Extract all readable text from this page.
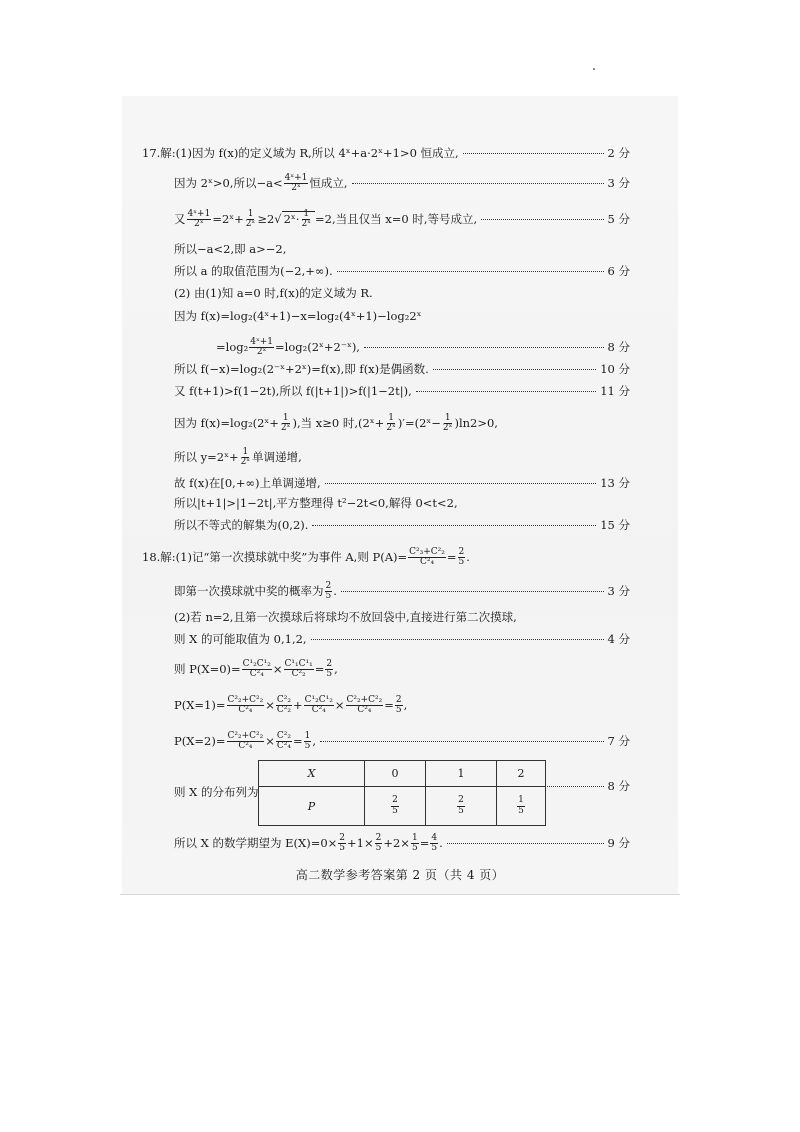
17.解:(1)因为 f(x)的定义域为 R,所以 4ˣ+a·2ˣ+1>0 恒成立,	2 分
因为 2ˣ>0,所以$-a< \frac{\text{4ˣ+1}}{\text{2ˣ}}$ 恒成立,	3 分
又 $\frac{\text{4ˣ+1}}{\text{2ˣ}}$ =2ˣ+ $\frac{1}{\text{2ˣ}} \ge 2√$ 2ˣ· $\frac{1}{\text{2ˣ}} =2$,当且仅当 x=0 时,等号成立,	5 分
所以−a<2,即 a>−2,
所以 a 的取值范围为(−2,+∞).	6 分
(2) 由(1)知 a=0 时,f(x)的定义域为 R.
因为 f(x)=log₂(4ˣ+1)−x=log₂(4ˣ+1)−log₂2ˣ
$=\log_2 \frac{\text{4ˣ+1}}{\text{2ˣ}}$ =log₂(2ˣ+2⁻ˣ),	8 分
所以 f(−x)=log₂(2⁻ˣ+2ˣ)=f(x),即 f(x)是偶函数.	10 分
又 f(t+1)>f(1−2t),所以 f(|t+1|)>f(|1−2t|),	11 分
因为 f(x)=log₂(2ˣ+ $\frac{1}{\text{2ˣ}}$ ),当 x≥0 时,(2ˣ+ $\frac{1}{\text{2ˣ}}$ )′=(2ˣ− $\frac{1}{\text{2ˣ}} )\ln 2>0$,
所以 y=2ˣ+ $\frac{1}{\text{2ˣ}}$ 单调递增,
故 f(x)在[0,+∞)上单调递增,	13 分
所以|t+1|>|1−2t|,平方整理得 t²−2t<0,解得 0<t<2,
所以不等式的解集为(0,2).	15 分
18.解:(1)记“第一次摸球就中奖”为事件 A,则 $P(A)= \frac{\text{C²₃+C²₂}}{\text{C²₄}} = \frac{2}{5}$ .
即第一次摸球就中奖的概率为 $\frac{2}{5}$ .	3 分
(2)若 n=2,且第一次摸球后将球均不放回袋中,直接进行第二次摸球,
则 X 的可能取值为 0,1,2,	4 分
则 $P(X=0)= \frac{\text{C¹₂C¹₂}}{\text{C²₄}} \times \frac{\text{C¹₁C¹₁}}{\text{C²₂}} = \frac{2}{5}$ ,
$P(X=1)= \frac{\text{C²₂+C²₂}}{\text{C²₄}} \times \frac{\text{C²₂}}{\text{C²₂}} + \frac{\text{C¹₂C¹₂}}{\text{C²₄}} \times \frac{\text{C²₂+C²₂}}{\text{C²₄}} = \frac{2}{5}$ ,
$P(X=2)= \frac{\text{C²₂+C²₂}}{\text{C²₄}} \times \frac{\text{C²₂}}{\text{C²₄}} = \frac{1}{5}$ ,	7 分
则 X 的分布列为
X	0	1	2
P	$\frac{2}{5}$	$\frac{2}{5}$	$\frac{1}{5}$
8 分
所以 X 的数学期望为 $E(X)=0\times \frac{2}{5} +1\times \frac{2}{5} +2\times \frac{1}{5} = \frac{4}{5}$ .	9 分
高二数学参考答案第 2 页（共 4 页）
